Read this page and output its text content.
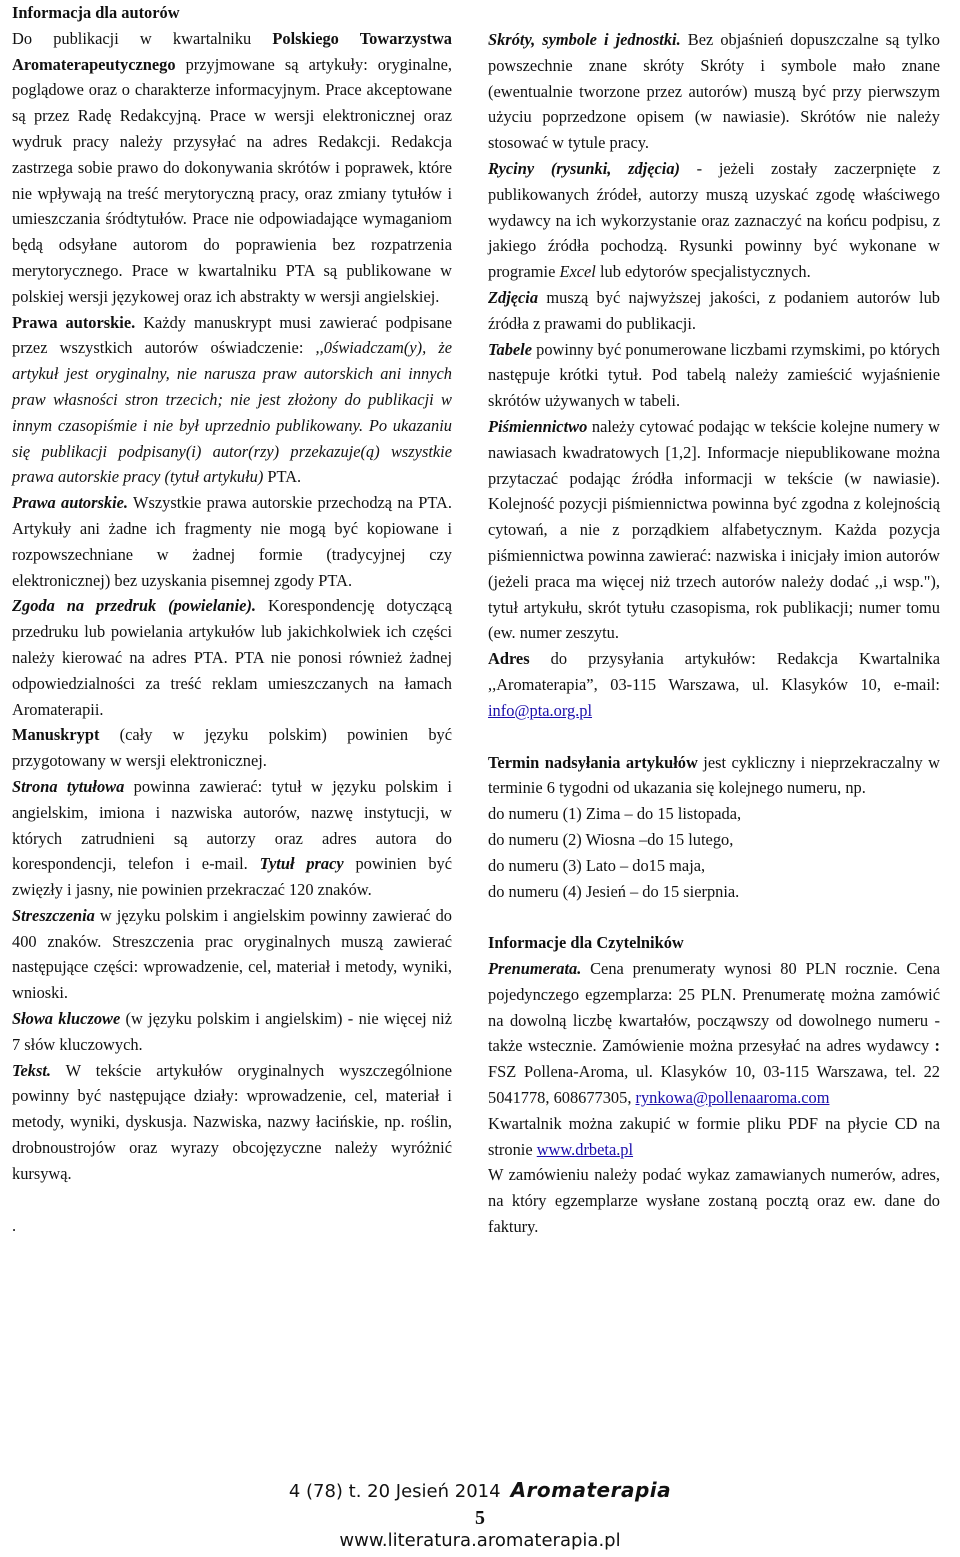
Informacja dla autorów

Do publikacji w kwartalniku Polskiego Towarzystwa Aromaterapeutycznego przyjmowane są artykuły: oryginalne, poglądowe oraz o charakterze informacyjnym. Prace akceptowane są przez Radę Redakcyjną. Prace w wersji elektronicznej oraz wydruk pracy należy przysyłać na adres Redakcji. Redakcja zastrzega sobie prawo do dokonywania skrótów i poprawek, które nie wpływają na treść merytoryczną pracy, oraz zmiany tytułów i umieszczania śródtytułów. Prace nie odpowiadające wymaganiom będą odsyłane autorom do poprawienia bez rozpatrzenia merytorycznego. Prace w kwartalniku PTA są publikowane w polskiej wersji językowej oraz ich abstrakty w wersji angielskiej.

Prawa autorskie. Każdy manuskrypt musi zawierać podpisane przez wszystkich autorów oświadczenie: ,,0świadczam(y), że artykuł jest oryginalny, nie narusza praw autorskich ani innych praw własności stron trzecich; nie jest złożony do publikacji w innym czasopiśmie i nie był uprzednio publikowany. Po ukazaniu się publikacji podpisany(i) autor(rzy) przekazuje(ą) wszystkie prawa autorskie pracy (tytuł artykułu) PTA.

Prawa autorskie. Wszystkie prawa autorskie przechodzą na PTA. Artykuły ani żadne ich fragmenty nie mogą być kopiowane i rozpowszechniane w żadnej formie (tradycyjnej czy elektronicznej) bez uzyskania pisemnej zgody PTA.

Zgoda na przedruk (powielanie). Korespondencję dotyczącą przedruku lub powielania artykułów lub jakichkolwiek ich części należy kierować na adres PTA. PTA nie ponosi również żadnej odpowiedzialności za treść reklam umieszczanych na łamach Aromaterapii.

Manuskrypt (cały w języku polskim) powinien być przygotowany w wersji elektronicznej.

Strona tytułowa powinna zawierać: tytuł w języku polskim i angielskim, imiona i nazwiska autorów, nazwę instytucji, w których zatrudnieni są autorzy oraz adres autora do korespondencji, telefon i e-mail. Tytuł pracy powinien być zwięzły i jasny, nie powinien przekraczać 120 znaków.

Streszczenia w języku polskim i angielskim powinny zawierać do 400 znaków. Streszczenia prac oryginalnych muszą zawierać następujące części: wprowadzenie, cel, materiał i metody, wyniki, wnioski.

Słowa kluczowe (w języku polskim i angielskim) - nie więcej niż 7 słów kluczowych.

Tekst. W tekście artykułów oryginalnych wyszczególnione powinny być następujące działy: wprowadzenie, cel, materiał i metody, wyniki, dyskusja. Nazwiska, nazwy łacińskie, np. roślin, drobnoustrojów oraz wyrazy obcojęzyczne należy wyróżnić kursywą.

.

Skróty, symbole i jednostki. Bez objaśnień dopuszczalne są tylko powszechnie znane skróty Skróty i symbole mało znane (ewentualnie tworzone przez autorów) muszą być przy pierwszym użyciu poprzedzone opisem (w nawiasie). Skrótów nie należy stosować w tytule pracy.

Ryciny (rysunki, zdjęcia) - jeżeli zostały zaczerpnięte z publikowanych źródeł, autorzy muszą uzyskać zgodę właściwego wydawcy na ich wykorzystanie oraz zaznaczyć na końcu podpisu, z jakiego źródła pochodzą. Rysunki powinny być wykonane w programie Excel lub edytorów specjalistycznych.

Zdjęcia muszą być najwyższej jakości, z podaniem autorów lub źródła z prawami do publikacji.

Tabele powinny być ponumerowane liczbami rzymskimi, po których następuje krótki tytuł. Pod tabelą należy zamieścić wyjaśnienie skrótów używanych w tabeli.

Piśmiennictwo należy cytować podając w tekście kolejne numery w nawiasach kwadratowych [1,2]. Informacje niepublikowane można przytaczać podając źródła informacji w tekście (w nawiasie). Kolejność pozycji piśmiennictwa powinna być zgodna z kolejnością cytowań, a nie z porządkiem alfabetycznym. Każda pozycja piśmiennictwa powinna zawierać: nazwiska i inicjały imion autorów (jeżeli praca ma więcej niż trzech autorów należy dodać ,,i wsp."), tytuł artykułu, skrót tytułu czasopisma, rok publikacji; numer tomu (ew. numer zeszytu.

Adres do przysyłania artykułów: Redakcja Kwartalnika ,,Aromaterapia”, 03-115 Warszawa, ul. Klasyków 10, e-mail: info@pta.org.pl

Termin nadsyłania artykułów jest cykliczny i nieprzekraczalny w terminie 6 tygodni od ukazania się kolejnego numeru, np.

do numeru (1) Zima – do 15 listopada,

do numeru (2) Wiosna –do 15 lutego,

do numeru (3) Lato – do15 maja,

do numeru (4) Jesień – do 15 sierpnia.

Informacje dla Czytelników

Prenumerata. Cena prenumeraty wynosi 80 PLN rocznie. Cena pojedynczego egzemplarza: 25 PLN. Prenumeratę można zamówić na dowolną liczbę kwartałów, począwszy od dowolnego numeru - także wstecznie. Zamówienie można przesyłać na adres wydawcy : FSZ Pollena-Aroma, ul. Klasyków 10, 03-115 Warszawa, tel. 22 5041778, 608677305, rynkowa@pollenaaroma.com

Kwartalnik można zakupić w formie pliku PDF na płycie CD na stronie www.drbeta.pl

W zamówieniu należy podać wykaz zamawianych numerów, adres, na który egzemplarze wysłane zostaną pocztą oraz ew. dane do faktury.

4 (78) t. 20 Jesień 2014 Aromaterapia
5
www.literatura.aromaterapia.pl
